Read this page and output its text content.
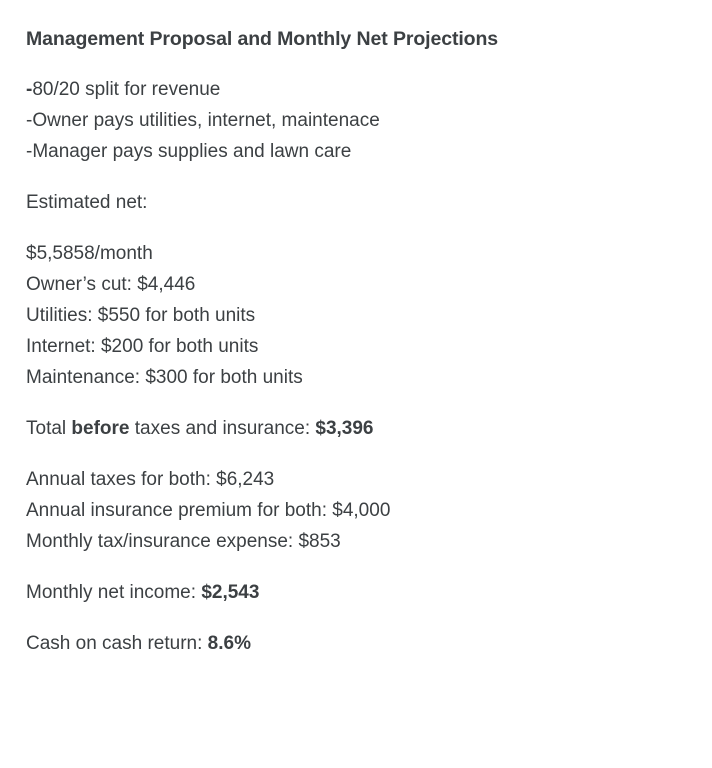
Management Proposal and Monthly Net Projections
-80/20 split for revenue
-Owner pays utilities, internet, maintenace
-Manager pays supplies and lawn care
Estimated net:
$5,5858/month
Owner’s cut: $4,446
Utilities: $550 for both units
Internet: $200 for both units
Maintenance: $300 for both units
Total before taxes and insurance: $3,396
Annual taxes for both: $6,243
Annual insurance premium for both: $4,000
Monthly tax/insurance expense: $853
Monthly net income: $2,543
Cash on cash return: 8.6%
